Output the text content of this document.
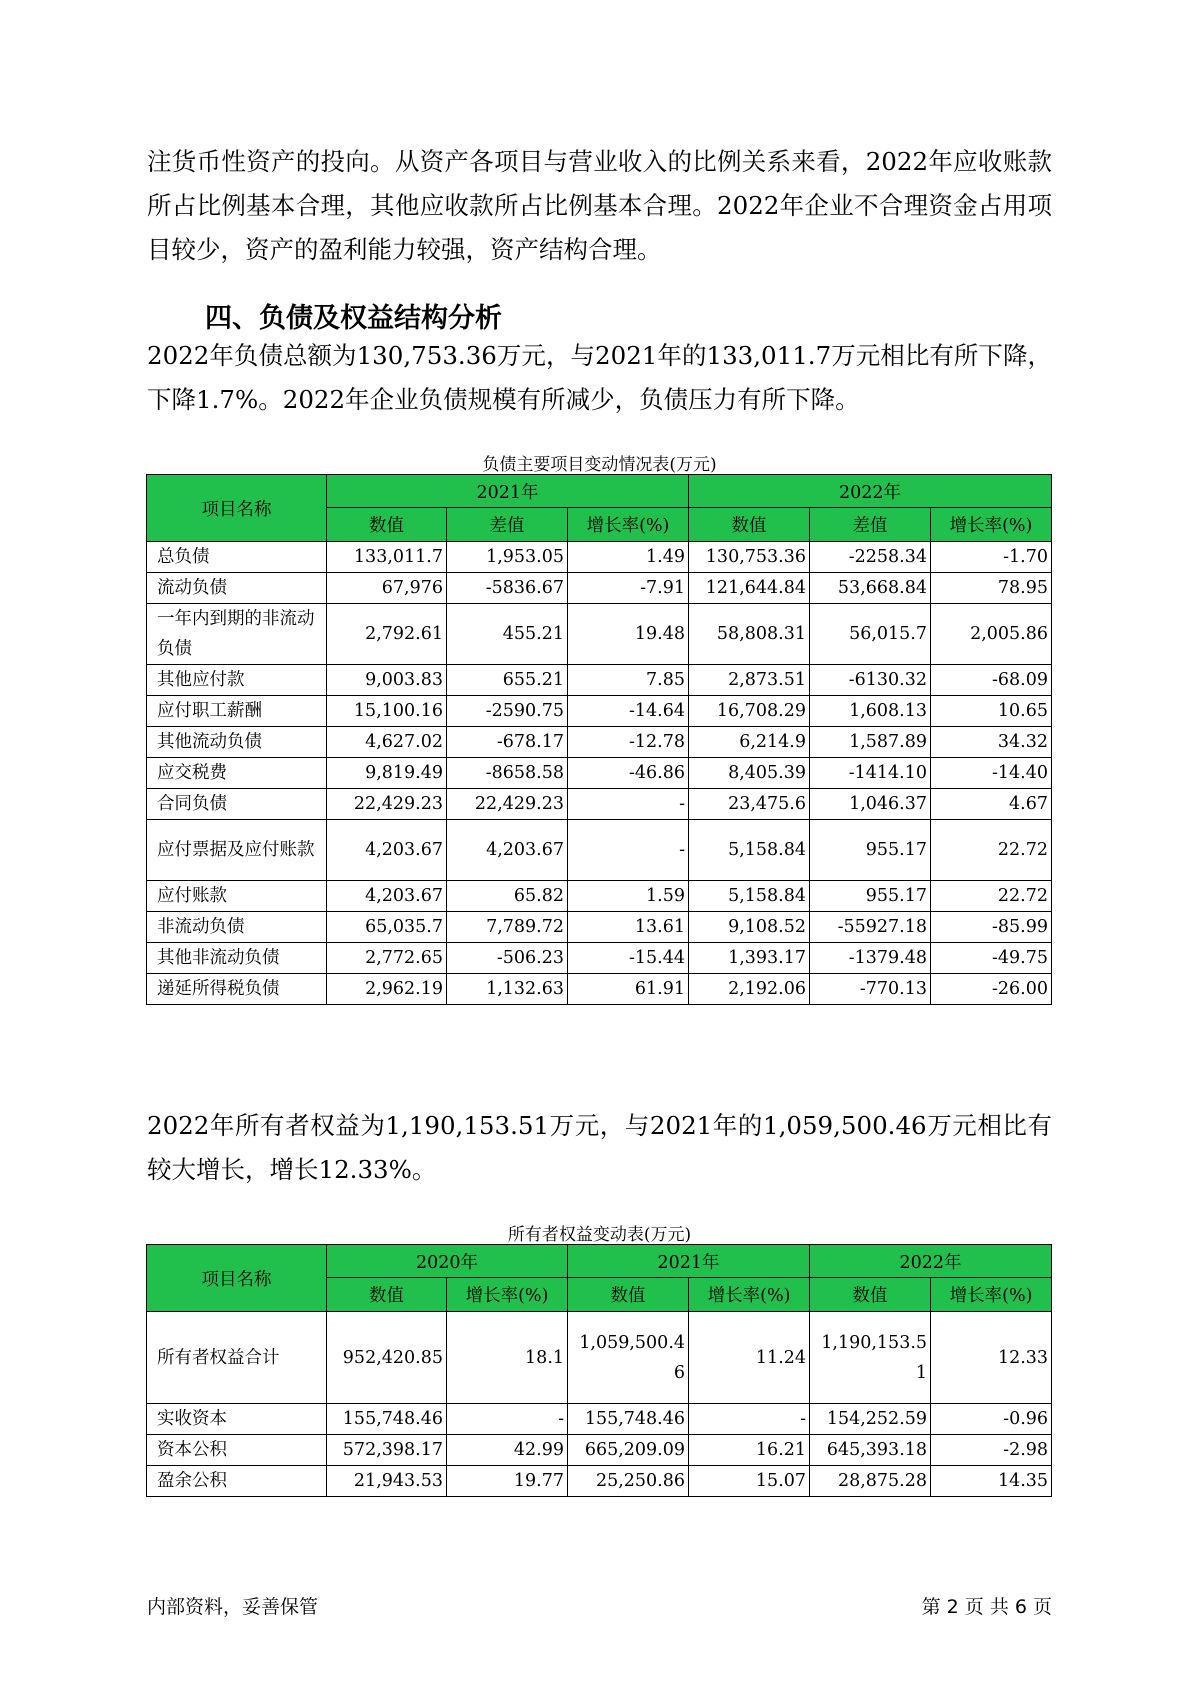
注货币性资产的投向。从资产各项目与营业收入的比例关系来看，2022年应收账款所占比例基本合理，其他应收款所占比例基本合理。2022年企业不合理资金占用项目较少，资产的盈利能力较强，资产结构合理。

四、负债及权益结构分析

2022年负债总额为130,753.36万元，与2021年的133,011.7万元相比有所下降，下降1.7%。2022年企业负债规模有所减少，负债压力有所下降。

负债主要项目变动情况表(万元)
项目名称	2021年			2022年		
	数值	差值	增长率(%)	数值	差值	增长率(%)
总负债	133,011.7	1,953.05	1.49	130,753.36	-2258.34	-1.70
流动负债	67,976	-5836.67	-7.91	121,644.84	53,668.84	78.95
一年内到期的非流动负债	2,792.61	455.21	19.48	58,808.31	56,015.7	2,005.86
其他应付款	9,003.83	655.21	7.85	2,873.51	-6130.32	-68.09
应付职工薪酬	15,100.16	-2590.75	-14.64	16,708.29	1,608.13	10.65
其他流动负债	4,627.02	-678.17	-12.78	6,214.9	1,587.89	34.32
应交税费	9,819.49	-8658.58	-46.86	8,405.39	-1414.10	-14.40
合同负债	22,429.23	22,429.23	-	23,475.6	1,046.37	4.67
应付票据及应付账款	4,203.67	4,203.67	-	5,158.84	955.17	22.72
应付账款	4,203.67	65.82	1.59	5,158.84	955.17	22.72
非流动负债	65,035.7	7,789.72	13.61	9,108.52	-55927.18	-85.99
其他非流动负债	2,772.65	-506.23	-15.44	1,393.17	-1379.48	-49.75
递延所得税负债	2,962.19	1,132.63	61.91	2,192.06	-770.13	-26.00

2022年所有者权益为1,190,153.51万元，与2021年的1,059,500.46万元相比有较大增长，增长12.33%。

所有者权益变动表(万元)
项目名称	2020年		2021年		2022年	
	数值	增长率(%)	数值	增长率(%)	数值	增长率(%)
所有者权益合计	952,420.85	18.1	1,059,500.46	11.24	1,190,153.51	12.33
实收资本	155,748.46	-	155,748.46	-	154,252.59	-0.96
资本公积	572,398.17	42.99	665,209.09	16.21	645,393.18	-2.98
盈余公积	21,943.53	19.77	25,250.86	15.07	28,875.28	14.35
内部资料，妥善保管	第 2 页 共 6 页
